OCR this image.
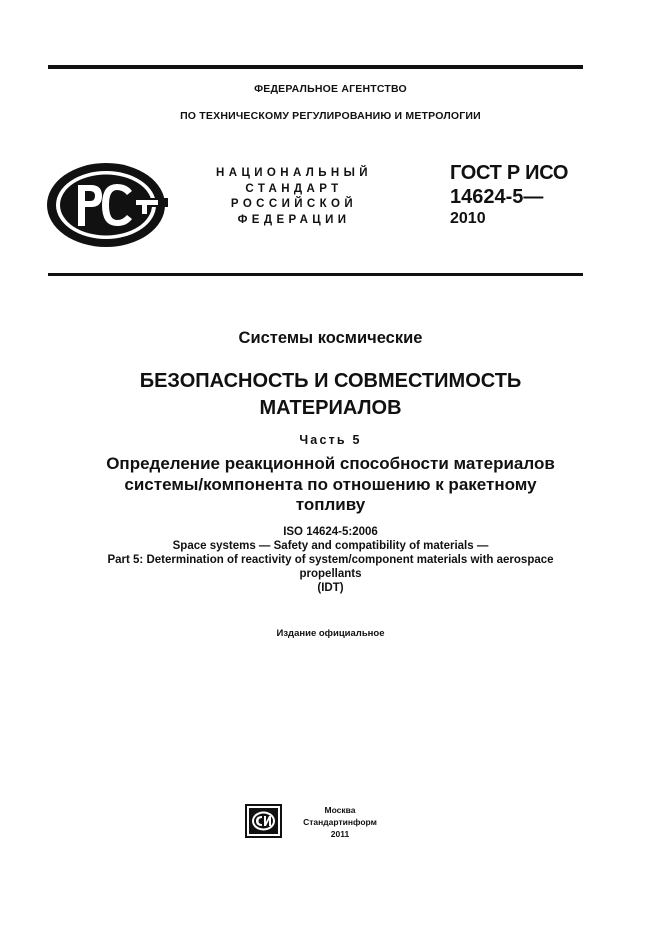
ФЕДЕРАЛЬНОЕ АГЕНТСТВО
ПО ТЕХНИЧЕСКОМУ РЕГУЛИРОВАНИЮ И МЕТРОЛОГИИ
НАЦИОНАЛЬНЫЙ
СТАНДАРТ
РОССИЙСКОЙ
ФЕДЕРАЦИИ
ГОСТ Р ИСО
14624-5—
2010
Системы космические
БЕЗОПАСНОСТЬ И СОВМЕСТИМОСТЬ
МАТЕРИАЛОВ
Часть 5
Определение реакционной способности материалов
системы/компонента по отношению к ракетному
топливу
ISO 14624-5:2006
Space systems — Safety and compatibility of materials —
Part 5: Determination of reactivity of system/component materials with aerospace
propellants
(IDT)
Издание официальное
Москва
Стандартинформ
2011
